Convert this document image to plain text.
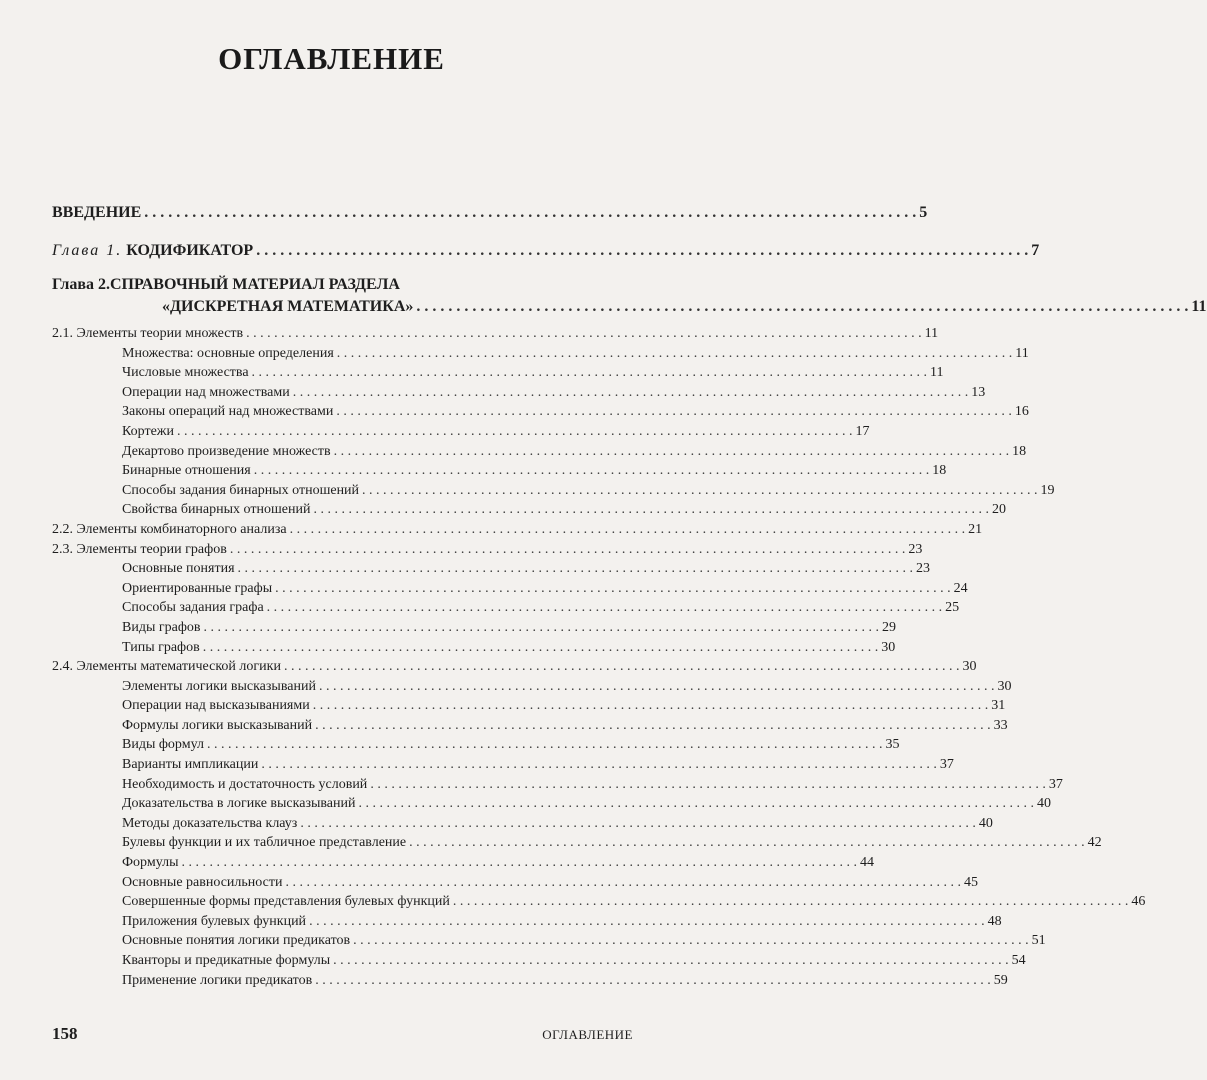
ОГЛАВЛЕНИЕ
ВВЕДЕНИЕ . . .	5
Глава 1. КОДИФИКАТОР . . .	7
Глава 2.СПРАВОЧНЫЙ МАТЕРИАЛ РАЗДЕЛА
«ДИСКРЕТНАЯ МАТЕМАТИКА» . . .	11
2.1. Элементы теории множеств . . .	11
Множества: основные определения . . .	11
Числовые множества . . .	11
Операции над множествами . . .	13
Законы операций над множествами . . .	16
Кортежи . . .	17
Декартово произведение множеств . . .	18
Бинарные отношения . . .	18
Способы задания бинарных отношений . . .	19
Свойства бинарных отношений . . .	20
2.2. Элементы комбинаторного анализа . . .	21
2.3. Элементы теории графов . . .	23
Основные понятия . . .	23
Ориентированные графы . . .	24
Способы задания графа . . .	25
Виды графов . . .	29
Типы графов . . .	30
2.4. Элементы математической логики . . .	30
Элементы логики высказываний . . .	30
Операции над высказываниями . . .	31
Формулы логики высказываний . . .	33
Виды формул . . .	35
Варианты импликации . . .	37
Необходимость и достаточность условий . . .	37
Доказательства в логике высказываний . . .	40
Методы доказательства клауз . . .	40
Булевы функции и их табличное представление . . .	42
Формулы . . .	44
Основные равносильности . . .	45
Совершенные формы представления булевых функций . . .	46
Приложения булевых функций . . .	48
Основные понятия логики предикатов . . .	51
Кванторы и предикатные формулы . . .	54
Применение логики предикатов . . .	59
158	ОГЛАВЛЕНИЕ
